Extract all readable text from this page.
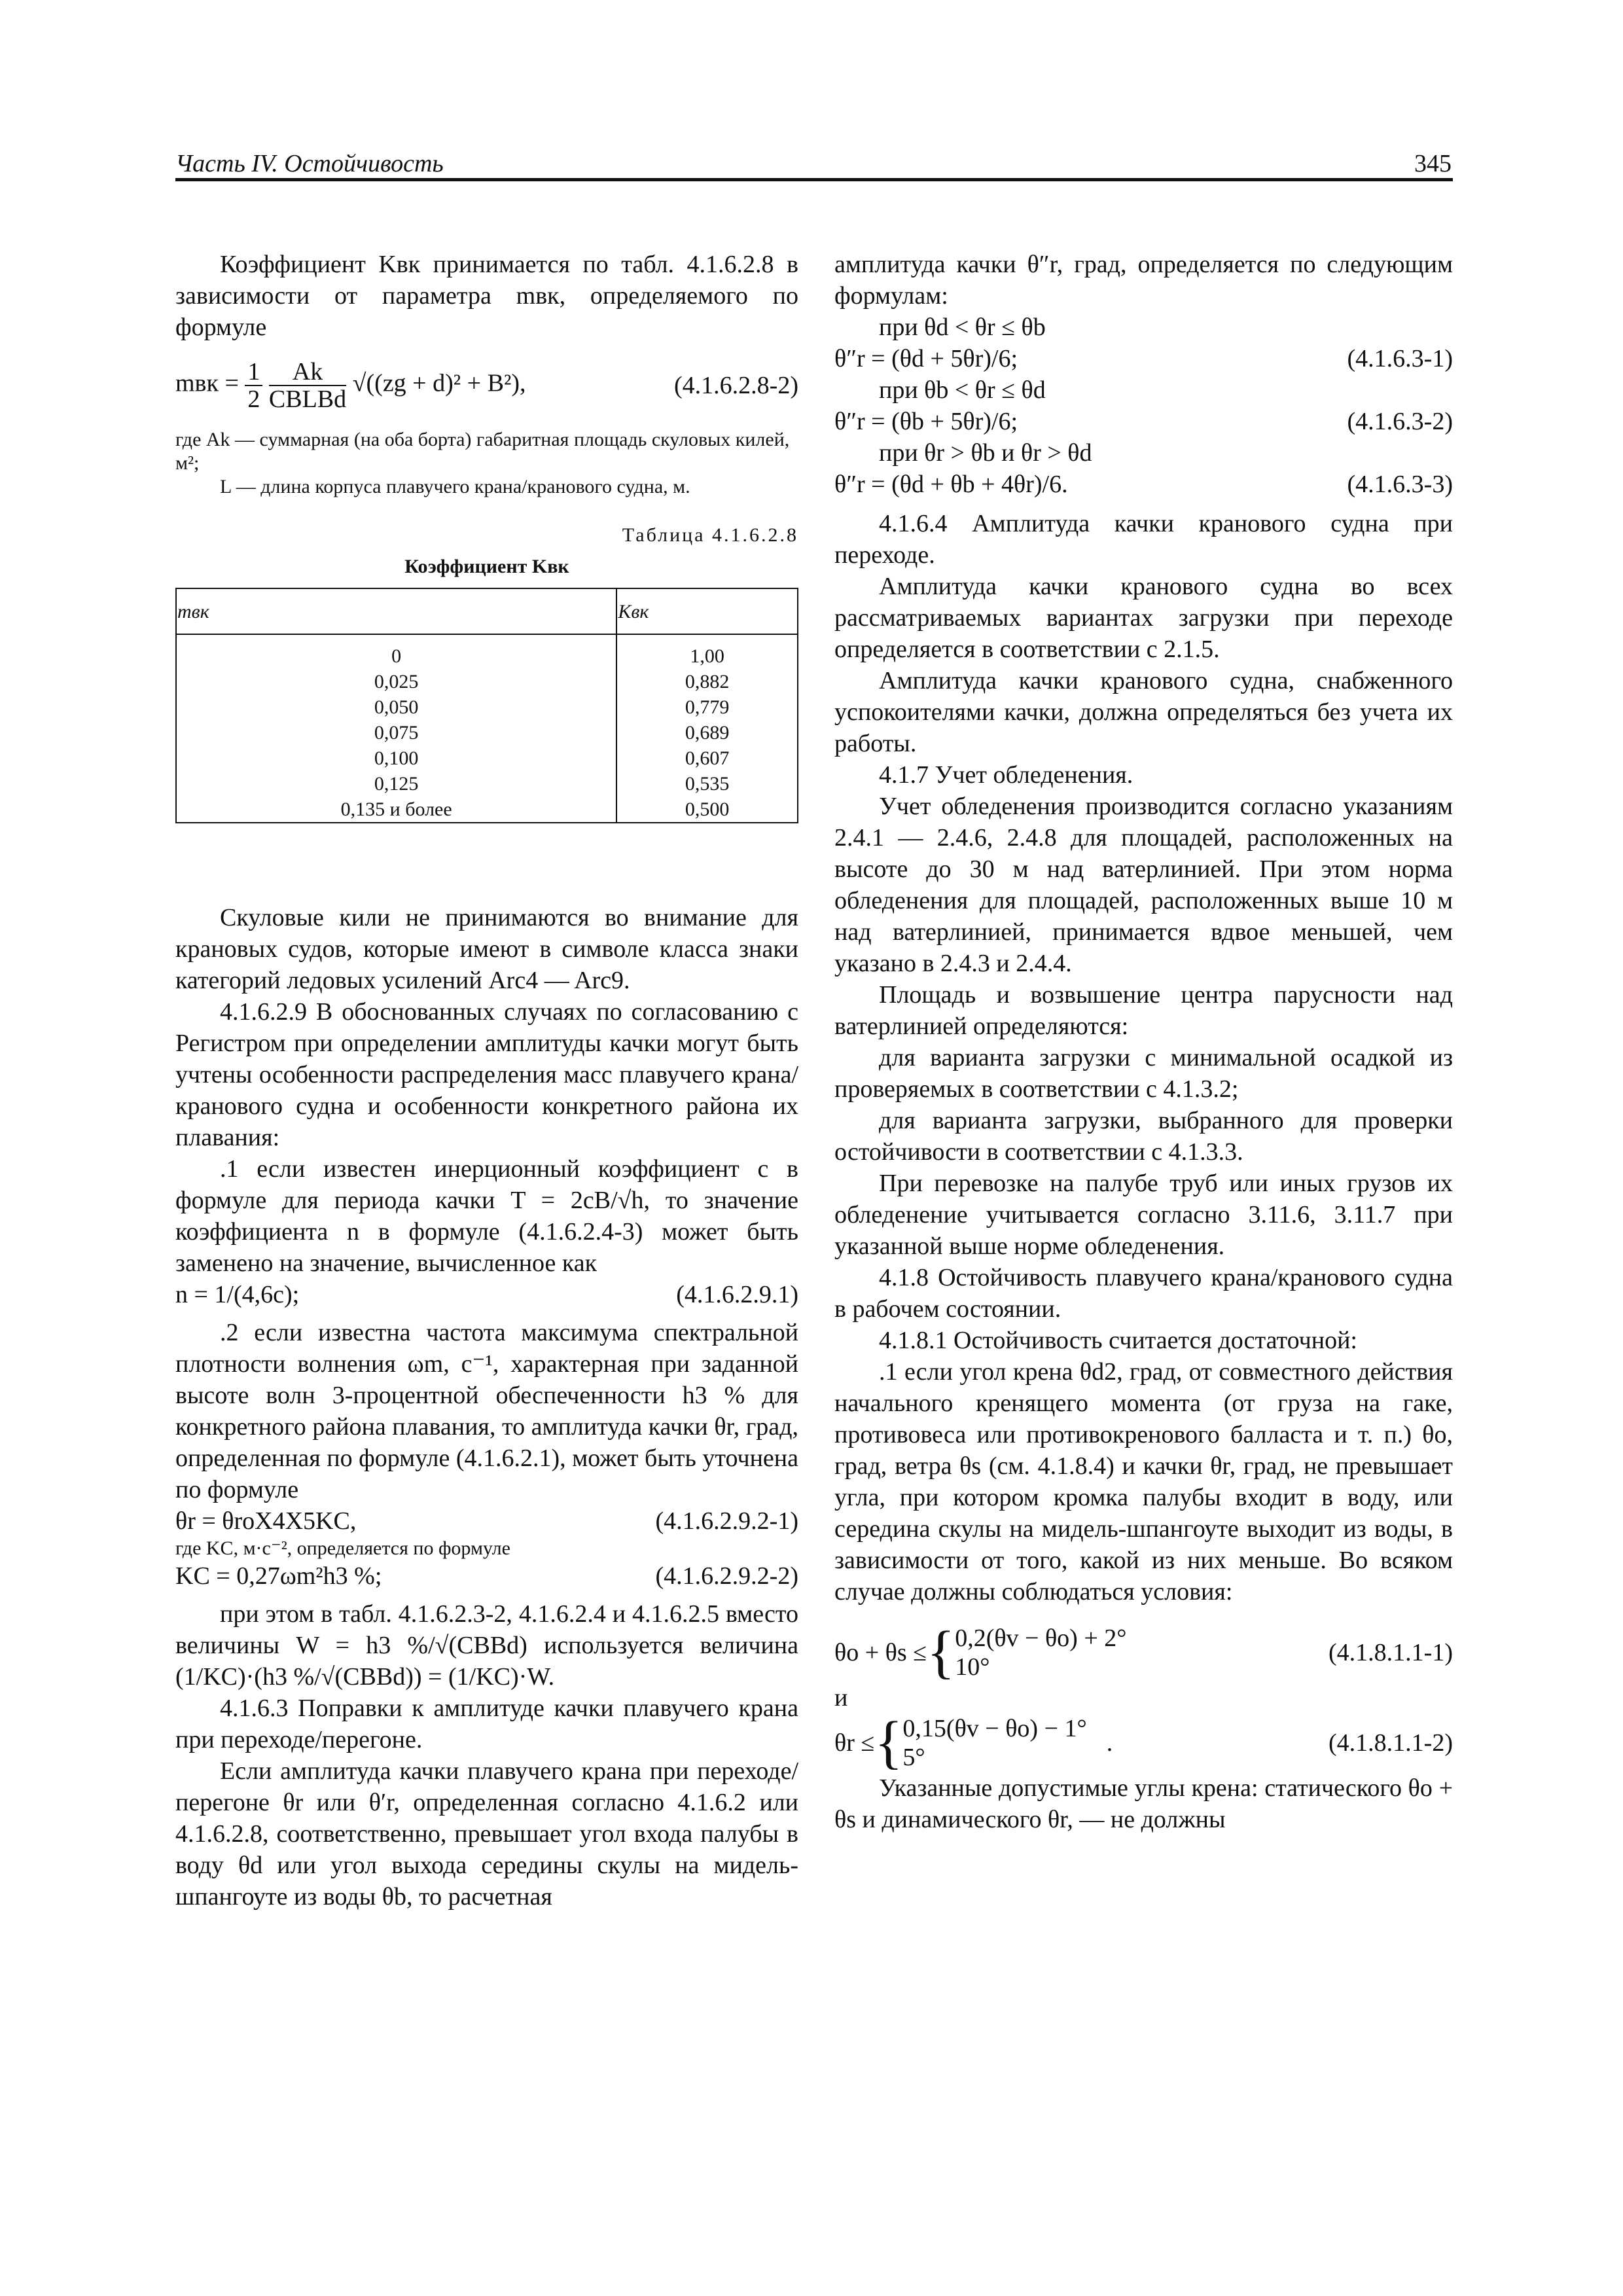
Часть IV. Остойчивость	345

Коэффициент Kвк принимается по табл. 4.1.6.2.8 в зависимости от параметра mвк, определяемого по формуле

mвк = $\frac{1}{2}$
$\frac{Ak}{\text{CBLBd}} √((zg + d)^2 + B^2)$,	(4.1.6.2.8-2)

где Ak — суммарная (на оба борта) габаритная площадь скуловых килей, м²;

L — длина корпуса плавучего крана/кранового судна, м.

Таблица 4.1.6.2.8
Коэффициент Kвк
mвк	Kвк
0	1,00
0,025	0,882
0,050	0,779
0,075	0,689
0,100	0,607
0,125	0,535
0,135 и более	0,500

Скуловые кили не принимаются во внимание для крановых судов, которые имеют в символе класса знаки категорий ледовых усилений Arc4 — Arc9.

4.1.6.2.9 В обоснованных случаях по согласованию с Регистром при определении амплитуды качки могут быть учтены особенности распределения масс плавучего крана/кранового судна и особенности конкретного района их плавания:

.1 если известен инерционный коэффициент c в формуле для периода качки T = 2cB/√h, то значение коэффициента n в формуле (4.1.6.2.4-3) может быть заменено на значение, вычисленное как

n = 1/(4,6c);	(4.1.6.2.9.1)

.2 если известна частота максимума спектральной плотности волнения ωm, с⁻¹, характерная при заданной высоте волн 3-процентной обеспеченности h3 % для конкретного района плавания, то амплитуда качки θr, град, определенная по формуле (4.1.6.2.1), может быть уточнена по формуле

θr = θroX4X5KC,	(4.1.6.2.9.2-1)

где KC, м·с⁻², определяется по формуле

KC = 0,27ωm²h3 %;	(4.1.6.2.9.2-2)

при этом в табл. 4.1.6.2.3-2, 4.1.6.2.4 и 4.1.6.2.5 вместо величины W = h3 %/√(CBBd) используется величина (1/KC)·(h3 %/√(CBBd)) = (1/KC)·W.

4.1.6.3 Поправки к амплитуде качки плавучего крана при переходе/перегоне.

Если амплитуда качки плавучего крана при переходе/перегоне θr или θ′r, определенная согласно 4.1.6.2 или 4.1.6.2.8, соответственно, превышает угол входа палубы в воду θd или угол выхода середины скулы на мидель-шпангоуте из воды θb, то расчетная

амплитуда качки θ″r, град, определяется по следующим формулам:

при θd < θr ≤ θb

θ″r = (θd + 5θr)/6;	(4.1.6.3-1)

при θb < θr ≤ θd

θ″r = (θb + 5θr)/6;	(4.1.6.3-2)

при θr > θb и θr > θd

θ″r = (θd + θb + 4θr)/6.	(4.1.6.3-3)

4.1.6.4 Амплитуда качки кранового судна при переходе.

Амплитуда качки кранового судна во всех рассматриваемых вариантах загрузки при переходе определяется в соответствии с 2.1.5.

Амплитуда качки кранового судна, снабженного успокоителями качки, должна определяться без учета их работы.

4.1.7 Учет обледенения.

Учет обледенения производится согласно указаниям 2.4.1 — 2.4.6, 2.4.8 для площадей, расположенных на высоте до 30 м над ватерлинией. При этом норма обледенения для площадей, расположенных выше 10 м над ватерлинией, принимается вдвое меньшей, чем указано в 2.4.3 и 2.4.4.

Площадь и возвышение центра парусности над ватерлинией определяются:

для варианта загрузки с минимальной осадкой из проверяемых в соответствии с 4.1.3.2;

для варианта загрузки, выбранного для проверки остойчивости в соответствии с 4.1.3.3.

При перевозке на палубе труб или иных грузов их обледенение учитывается согласно 3.11.6, 3.11.7 при указанной выше норме обледенения.

4.1.8 Остойчивость плавучего крана/кранового судна в рабочем состоянии.

4.1.8.1 Остойчивость считается достаточной:

.1 если угол крена θd2, град, от совместного действия начального кренящего момента (от груза на гаке, противовеса или противокренового балласта и т. п.) θo, град, ветра θs (см. 4.1.8.4) и качки θr, град, не превышает угла, при котором кромка палубы входит в воду, или середина скулы на мидель-шпангоуте выходит из воды, в зависимости от того, какой из них меньше. Во всяком случае должны соблюдаться условия:

θo + θs ≤ { 0,2(θv − θo) + 2°
10°
(4.1.8.1.1-1)

и

θr ≤ { 0,15(θv − θo) − 1°
5°
.	(4.1.8.1.1-2)

Указанные допустимые углы крена: статического θo + θs и динамического θr, — не должны
